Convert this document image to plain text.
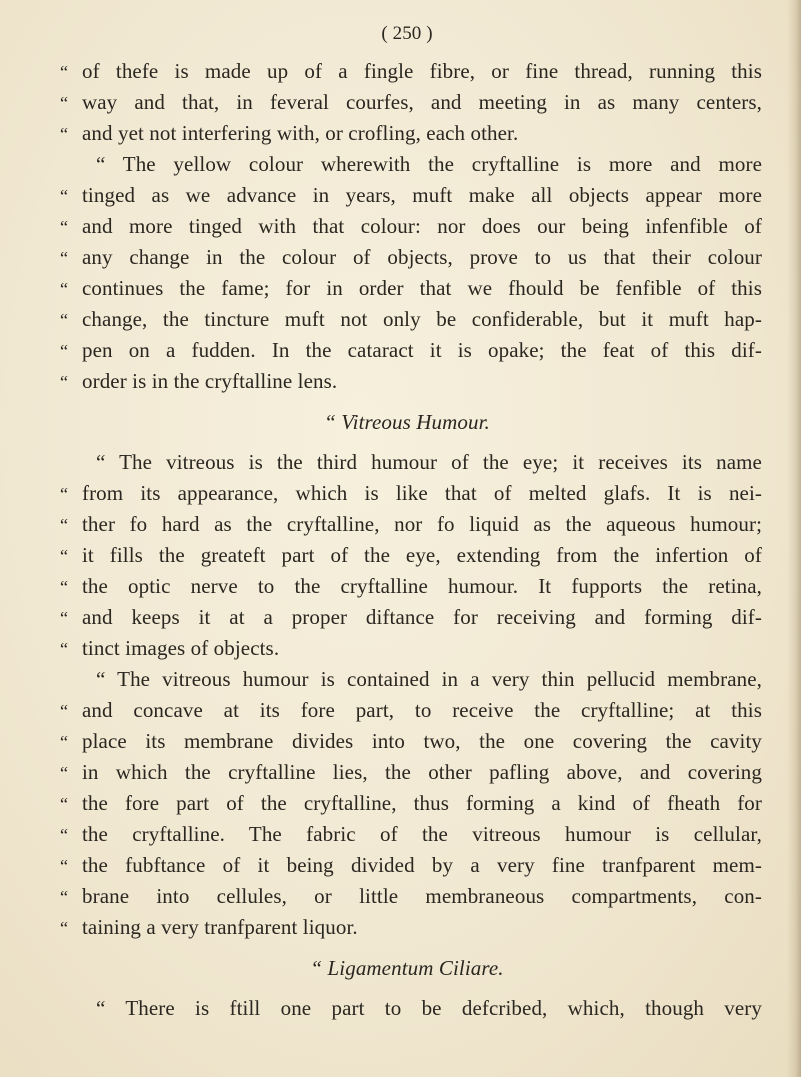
( 250 )
“ of thefe is made up of a fingle fibre, or fine thread, running this
“ way and that, in feveral courfes, and meeting in as many centers,
“ and yet not interfering with, or crofling, each other.
“ The yellow colour wherewith the cryftalline is more and more
“ tinged as we advance in years, muft make all objects appear more
“ and more tinged with that colour: nor does our being infenfible of
“ any change in the colour of objects, prove to us that their colour
“ continues the fame; for in order that we fhould be fenfible of this
“ change, the tincture muft not only be confiderable, but it muft hap-
“ pen on a fudden. In the cataract it is opake; the feat of this dif-
“ order is in the cryftalline lens.
“ Vitreous Humour.
“ The vitreous is the third humour of the eye; it receives its name
“ from its appearance, which is like that of melted glafs. It is nei-
“ ther fo hard as the cryftalline, nor fo liquid as the aqueous humour;
“ it fills the greateft part of the eye, extending from the infertion of
“ the optic nerve to the cryftalline humour. It fupports the retina,
“ and keeps it at a proper diftance for receiving and forming dif-
“ tinct images of objects.
“ The vitreous humour is contained in a very thin pellucid membrane,
“ and concave at its fore part, to receive the cryftalline; at this
“ place its membrane divides into two, the one covering the cavity
“ in which the cryftalline lies, the other pafling above, and covering
“ the fore part of the cryftalline, thus forming a kind of fheath for
“ the cryftalline. The fabric of the vitreous humour is cellular,
“ the fubftance of it being divided by a very fine tranfparent mem-
“ brane into cellules, or little membraneous compartments, con-
“ taining a very tranfparent liquor.
“ Ligamentum Ciliare.
“ There is ftill one part to be defcribed, which, though very
